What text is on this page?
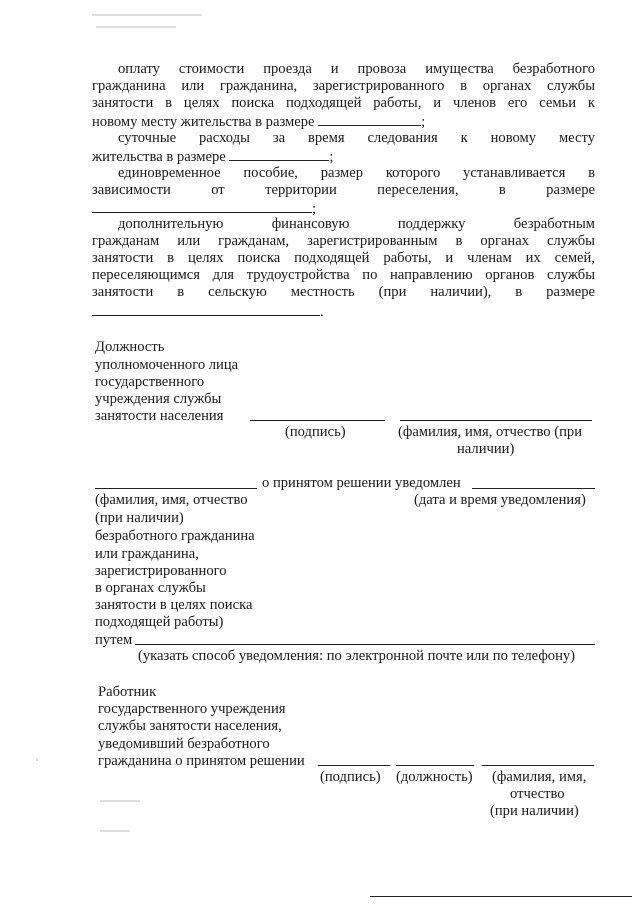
оплату стоимости проезда и провоза имущества безработного
гражданина или гражданина, зарегистрированного в органах службы
занятости в целях поиска подходящей работы, и членов его семьи к
новому месту жительства в размере	;
суточные расходы за время следования к новому месту
жительства в размере	;
единовременное пособие, размер которого устанавливается в
зависимости от территории переселения, в размере
;
дополнительную финансовую поддержку безработным
гражданам или гражданам, зарегистрированным в органах службы
занятости в целях поиска подходящей работы, и членам их семей,
переселяющимся для трудоустройства по направлению органов службы
занятости в сельскую местность (при наличии), в размере
.
Должность
уполномоченного лица
государственного
учреждения службы
занятости населения
(подпись)	(фамилия, имя, отчество (при
наличии)
о принятом решении уведомлен
(дата и время уведомления)
(фамилия, имя, отчество
(при наличии)
безработного гражданина
или гражданина,
зарегистрированного
в органах службы
занятости в целях поиска
подходящей работы)
путем
(указать способ уведомления: по электронной почте или по телефону)
Работник
государственного учреждения
службы занятости населения,
уведомивший безработного
гражданина о принятом решении
(подпись) (должность) (фамилия, имя,
отчество
(при наличии)
